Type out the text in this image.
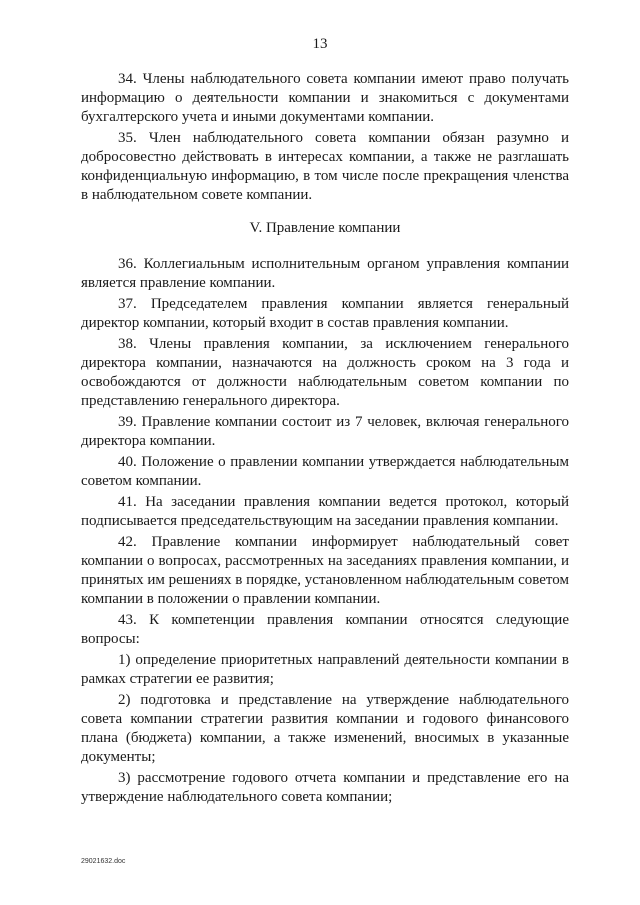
13

34. Члены наблюдательного совета компании имеют право получать информацию о деятельности компании и знакомиться с документами бухгалтерского учета и иными документами компании.

35. Член наблюдательного совета компании обязан разумно и добросовестно действовать в интересах компании, а также не разглашать конфиденциальную информацию, в том числе после прекращения членства в наблюдательном совете компании.

V. Правление компании

36. Коллегиальным исполнительным органом управления компании является правление компании.

37. Председателем правления компании является генеральный директор компании, который входит в состав правления компании.

38. Члены правления компании, за исключением генерального директора компании, назначаются на должность сроком на 3 года и освобождаются от должности наблюдательным советом компании по представлению генерального директора.

39. Правление компании состоит из 7 человек, включая генерального директора компании.

40. Положение о правлении компании утверждается наблюдательным советом компании.

41. На заседании правления компании ведется протокол, который подписывается председательствующим на заседании правления компании.

42. Правление компании информирует наблюдательный совет компании о вопросах, рассмотренных на заседаниях правления компании, и принятых им решениях в порядке, установленном наблюдательным советом компании в положении о правлении компании.

43. К компетенции правления компании относятся следующие вопросы:

1) определение приоритетных направлений деятельности компании в рамках стратегии ее развития;

2) подготовка и представление на утверждение наблюдательного совета компании стратегии развития компании и годового финансового плана (бюджета) компании, а также изменений, вносимых в указанные документы;

3) рассмотрение годового отчета компании и представление его на утверждение наблюдательного совета компании;

29021632.doc
